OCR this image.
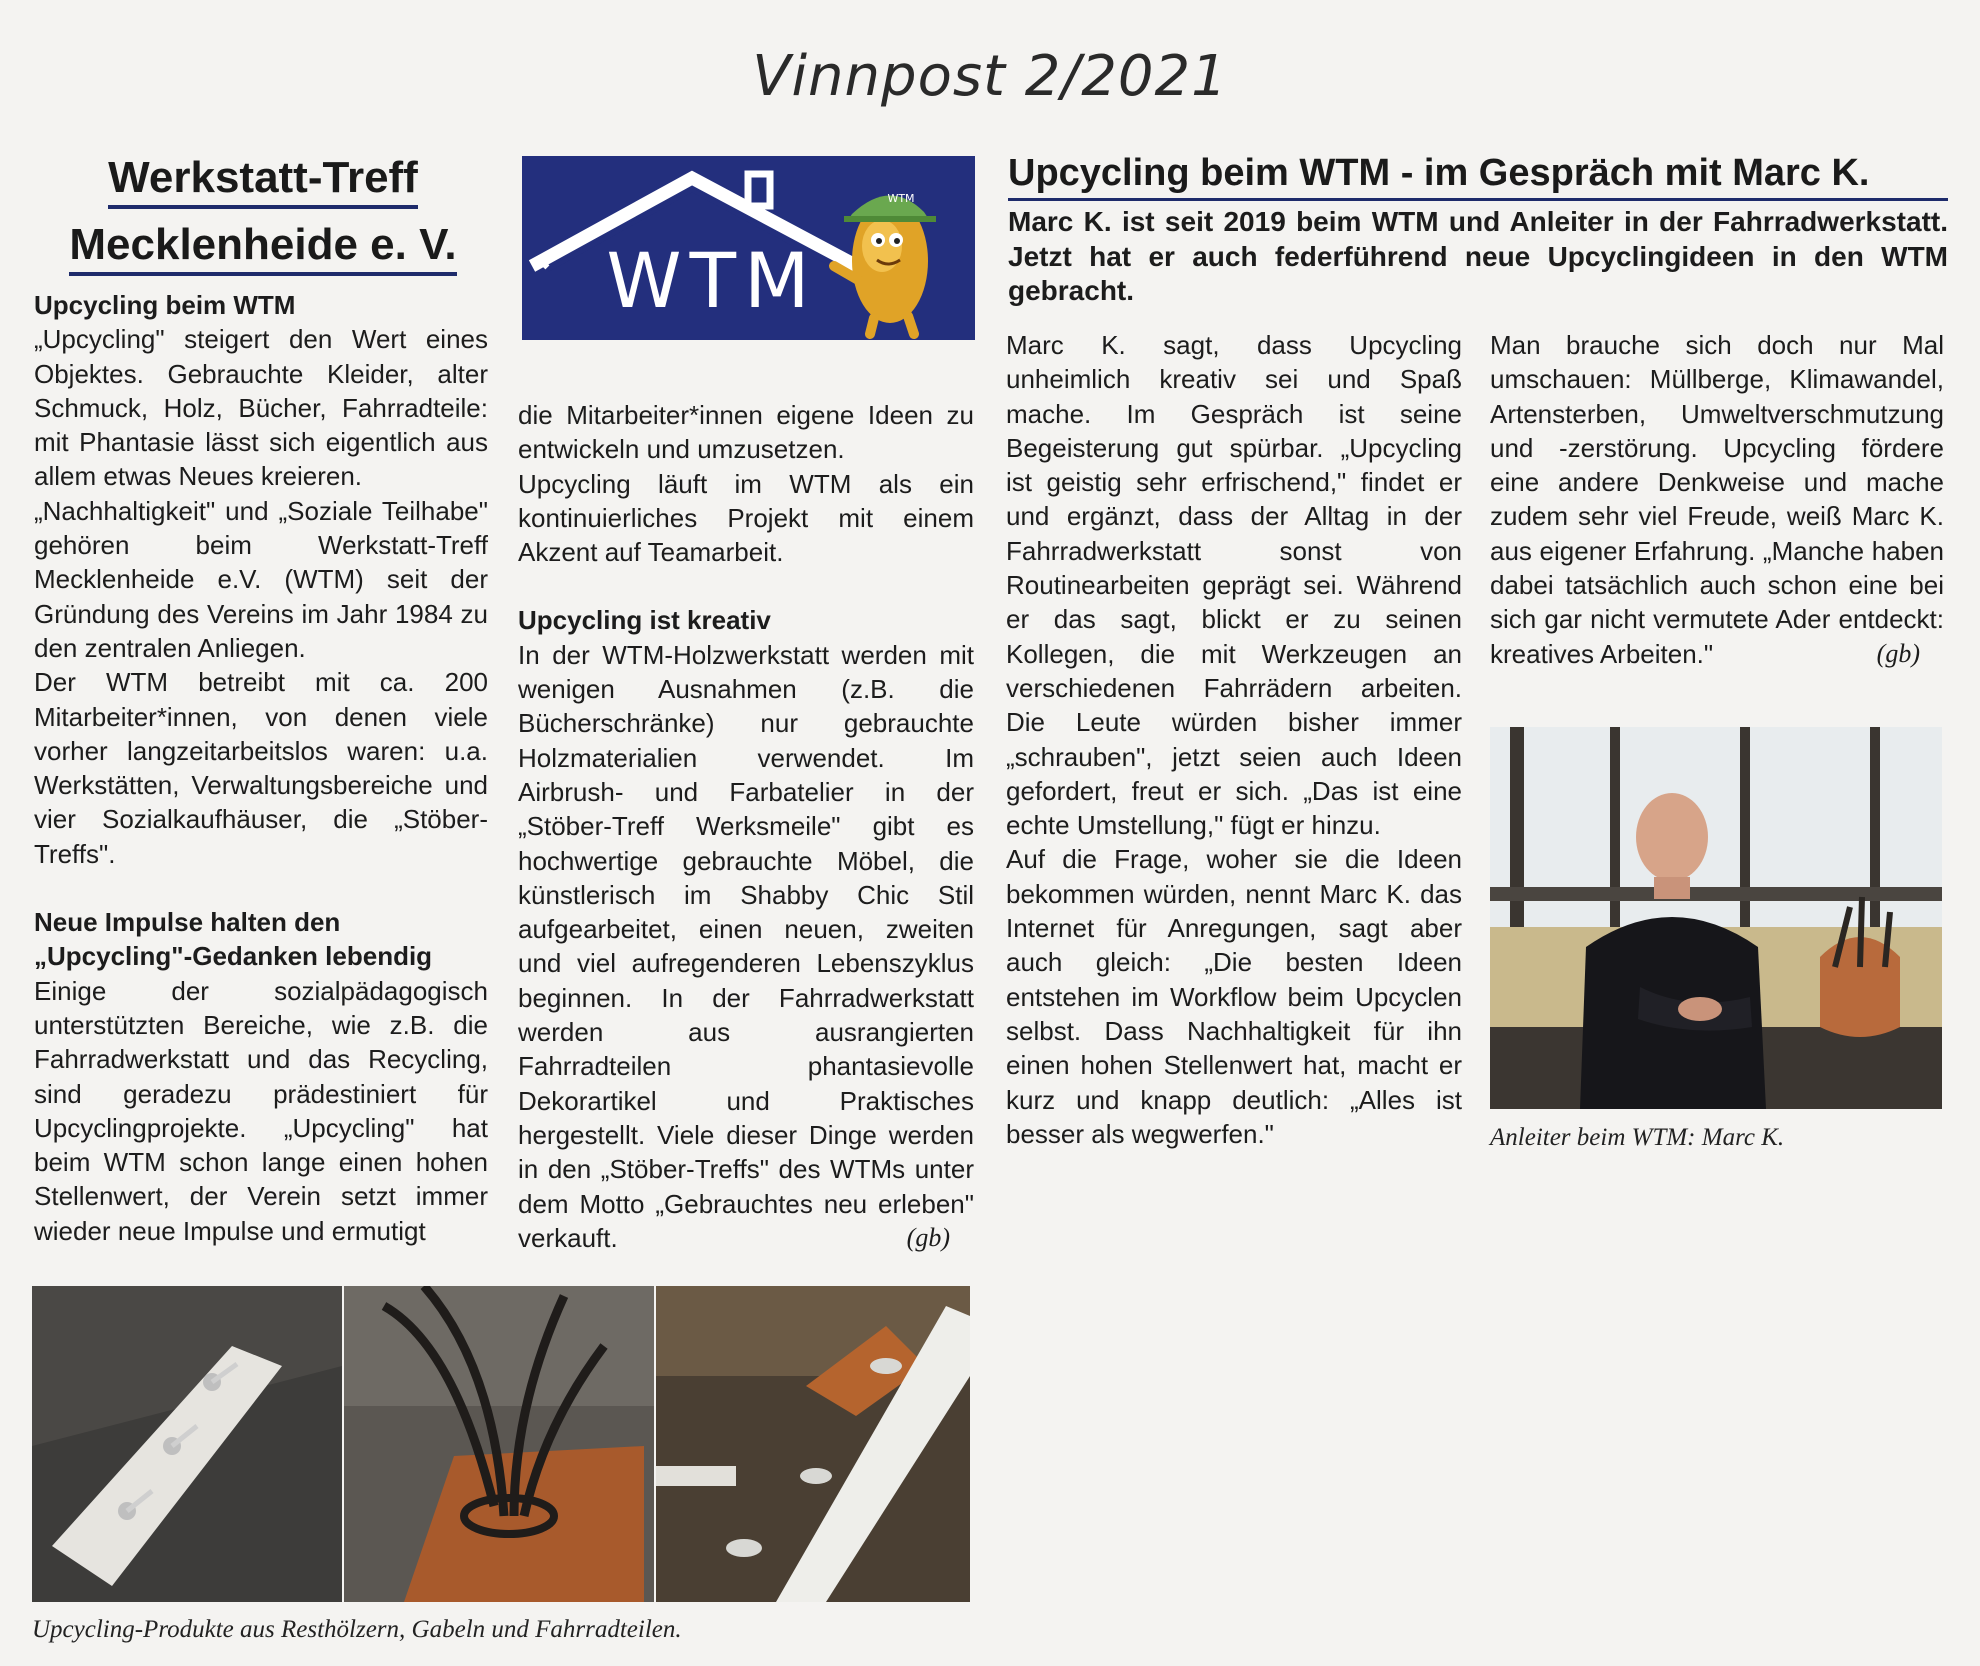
Vinnpost 2/2021
Werkstatt-Treff
Mecklenheide e. V.
Upcycling beim WTM

„Upcycling" steigert den Wert eines Objektes. Gebrauchte Kleider, alter Schmuck, Holz, Bücher, Fahrradteile: mit Phantasie lässt sich eigentlich aus allem etwas Neues kreieren.

„Nachhaltigkeit" und „Soziale Teilhabe" gehören beim Werkstatt-Treff Mecklenheide e.V. (WTM) seit der Gründung des Vereins im Jahr 1984 zu den zentralen Anliegen.

Der WTM betreibt mit ca. 200 Mitarbeiter*innen, von denen viele vorher langzeitarbeitslos waren: u.a. Werkstätten, Verwaltungsbereiche und vier Sozialkaufhäuser, die „Stöber-Treffs".

Neue Impulse halten den „Upcycling"-Gedanken lebendig

Einige der sozialpädagogisch unterstützten Bereiche, wie z.B. die Fahrradwerkstatt und das Recycling, sind geradezu prädestiniert für Upcyclingprojekte. „Upcycling" hat beim WTM schon lange einen hohen Stellenwert, der Verein setzt immer wieder neue Impulse und ermutigt

WTM
WTM

die Mitarbeiter*innen eigene Ideen zu entwickeln und umzusetzen.

Upcycling läuft im WTM als ein kontinuierliches Projekt mit einem Akzent auf Teamarbeit.

Upcycling ist kreativ

In der WTM-Holzwerkstatt werden mit wenigen Ausnahmen (z.B. die Bücherschränke) nur gebrauchte Holzmaterialien verwendet. Im Airbrush- und Farbatelier in der „Stöber-Treff Werksmeile" gibt es hochwertige gebrauchte Möbel, die künstlerisch im Shabby Chic Stil aufgearbeitet, einen neuen, zweiten und viel aufregenderen Lebenszyklus beginnen. In der Fahrradwerkstatt werden aus ausrangierten Fahrradteilen phantasievolle Dekorartikel und Praktisches hergestellt. Viele dieser Dinge werden in den „Stöber-Treffs" des WTMs unter dem Motto „Gebrauchtes neu erleben" verkauft.	(gb)
Upcycling beim WTM - im Gespräch mit Marc K.
Marc K. ist seit 2019 beim WTM und Anleiter in der Fahrradwerkstatt. Jetzt hat er auch federführend neue Upcyclingideen in den WTM gebracht.

Marc K. sagt, dass Upcycling unheimlich kreativ sei und Spaß mache. Im Gespräch ist seine Begeisterung gut spürbar. „Upcycling ist geistig sehr erfrischend," findet er und ergänzt, dass der Alltag in der Fahrradwerkstatt sonst von Routinearbeiten geprägt sei. Während er das sagt, blickt er zu seinen Kollegen, die mit Werkzeugen an verschiedenen Fahrrädern arbeiten. Die Leute würden bisher immer „schrauben", jetzt seien auch Ideen gefordert, freut er sich. „Das ist eine echte Umstellung," fügt er hinzu.

Auf die Frage, woher sie die Ideen bekommen würden, nennt Marc K. das Internet für Anregungen, sagt aber auch gleich: „Die besten Ideen entstehen im Workflow beim Upcyclen selbst. Dass Nachhaltigkeit für ihn einen hohen Stellenwert hat, macht er kurz und knapp deutlich: „Alles ist besser als wegwerfen."

Man brauche sich doch nur Mal umschauen: Müllberge, Klimawandel, Artensterben, Umweltverschmutzung und -zerstörung. Upcycling fördere eine andere Denkweise und mache zudem sehr viel Freude, weiß Marc K. aus eigener Erfahrung. „Manche haben dabei tatsächlich auch schon eine bei sich gar nicht vermutete Ader entdeckt: kreatives Arbeiten."	(gb)
Anleiter beim WTM: Marc K.
Upcycling-Produkte aus Resthölzern, Gabeln und Fahrradteilen.
